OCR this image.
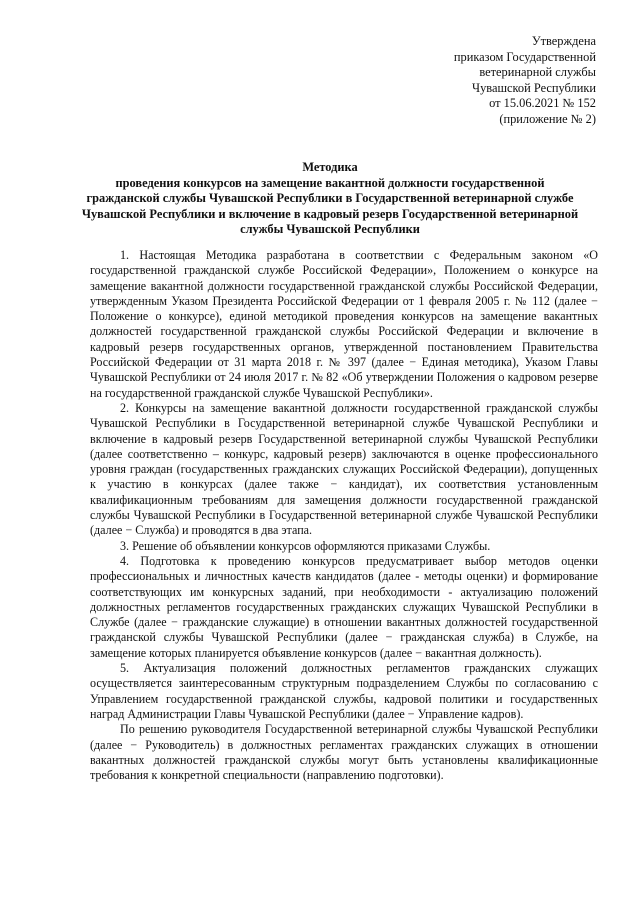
Утверждена
приказом Государственной
ветеринарной службы
Чувашской Республики
от 15.06.2021 № 152
(приложение № 2)
Методика
проведения конкурсов на замещение вакантной должности государственной гражданской службы Чувашской Республики в Государственной ветеринарной службе Чувашской Республики и включение в кадровый резерв Государственной ветеринарной службы Чувашской Республики

1. Настоящая Методика разработана в соответствии с Федеральным законом «О государственной гражданской службе Российской Федерации», Положением о конкурсе на замещение вакантной должности государственной гражданской службы Российской Федерации, утвержденным Указом Президента Российской Федерации от 1 февраля 2005 г. № 112 (далее − Положение о конкурсе), единой методикой проведения конкурсов на замещение вакантных должностей государственной гражданской службы Российской Федерации и включение в кадровый резерв государственных органов, утвержденной постановлением Правительства Российской Федерации от 31 марта 2018 г. № 397 (далее − Единая методика), Указом Главы Чувашской Республики от 24 июля 2017 г. № 82 «Об утверждении Положения о кадровом резерве на государственной гражданской службе Чувашской Республики».

2. Конкурсы на замещение вакантной должности государственной гражданской службы Чувашской Республики в Государственной ветеринарной службе Чувашской Республики и включение в кадровый резерв Государственной ветеринарной службы Чувашской Республики (далее соответственно – конкурс, кадровый резерв) заключаются в оценке профессионального уровня граждан (государственных гражданских служащих Российской Федерации), допущенных к участию в конкурсах (далее также − кандидат), их соответствия установленным квалификационным требованиям для замещения должности государственной гражданской службы Чувашской Республики в Государственной ветеринарной службе Чувашской Республики (далее − Служба) и проводятся в два этапа.

3. Решение об объявлении конкурсов оформляются приказами Службы.

4. Подготовка к проведению конкурсов предусматривает выбор методов оценки профессиональных и личностных качеств кандидатов (далее - методы оценки) и формирование соответствующих им конкурсных заданий, при необходимости - актуализацию положений должностных регламентов государственных гражданских служащих Чувашской Республики в Службе (далее − гражданские служащие) в отношении вакантных должностей государственной гражданской службы Чувашской Республики (далее − гражданская служба) в Службе, на замещение которых планируется объявление конкурсов (далее − вакантная должность).

5. Актуализация положений должностных регламентов гражданских служащих осуществляется заинтересованным структурным подразделением Службы по согласованию с Управлением государственной гражданской службы, кадровой политики и государственных наград Администрации Главы Чувашской Республики (далее − Управление кадров).

По решению руководителя Государственной ветеринарной службы Чувашской Республики (далее − Руководитель) в должностных регламентах гражданских служащих в отношении вакантных должностей гражданской службы могут быть установлены квалификационные требования к конкретной специальности (направлению подготовки).
